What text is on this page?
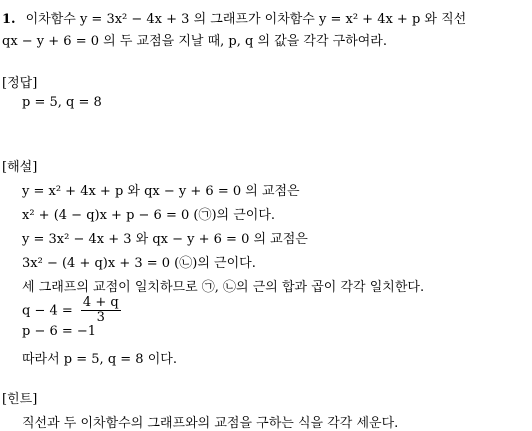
1. 이차함수 y = 3x² − 4x + 3 의 그래프가 이차함수 y = x² + 4x + p 와 직선
qx − y + 6 = 0 의 두 교점을 지날 때, p, q 의 값을 각각 구하여라.
[정답]
p = 5, q = 8
[해설]
y = x² + 4x + p 와 qx − y + 6 = 0 의 교점은
x² + (4 − q)x + p − 6 = 0 (㉠)의 근이다.
y = 3x² − 4x + 3 와 qx − y + 6 = 0 의 교점은
3x² − (4 + q)x + 3 = 0 (㉡)의 근이다.
세 그래프의 교점이 일치하므로 ㉠, ㉡의 근의 합과 곱이 각각 일치한다.
$q - 4 = \frac{4 + q}{3}$
p − 6 = −1
따라서 p = 5, q = 8 이다.
[힌트]
직선과 두 이차함수의 그래프와의 교점을 구하는 식을 각각 세운다.
